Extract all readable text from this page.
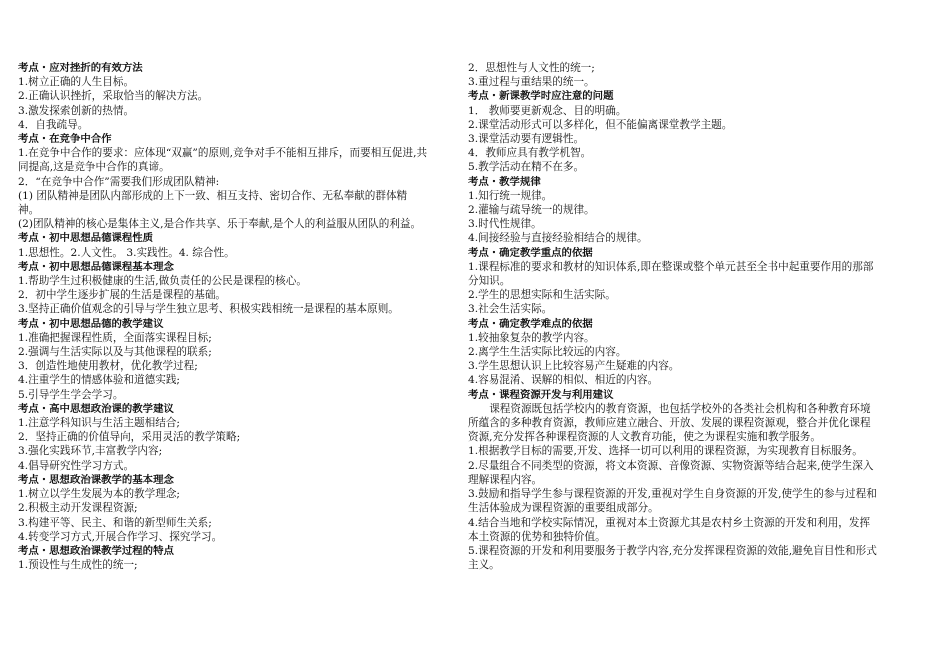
考点・应对挫折的有效方法

1.树立正确的人生目标。

2.正确认识挫折，采取恰当的解决方法。

3.激发探索创新的热情。

4．自我疏导。

考点・在竞争中合作

1.在竞争中合作的要求：应体现“双赢”的原则,竞争对手不能相互排斥，而要相互促进,共同提高,这是竞争中合作的真谛。

2．“在竞争中合作”需要我们形成团队精神:

(1) 团队精神是团队内部形成的上下一致、相互支持、密切合作、无私奉献的群体精神。

(2)团队精神的核心是集体主义,是合作共享、乐于奉献,是个人的利益服从团队的利益。

考点・初中思想品德课程性质

1.思想性。2.人文性。 3.实践性。4. 综合性。

考点・初中思想品德课程基本理念

1.帮助学生过积极健康的生活,做负责任的公民是课程的核心。

2．初中学生逐步扩展的生活是课程的基础。

3.坚持正确价值观念的引导与学生独立思考、积极实践相统一是课程的基本原则。

考点・初中思想品德的教学建议

1.准确把握课程性质，全面落实课程目标;

2.强调与生活实际以及与其他课程的联系;

3．创造性地使用教材，优化教学过程;

4.注重学生的情感体验和道德实践;

5.引导学生学会学习。

考点・高中思想政治课的教学建议

1.注意学科知识与生活主题相结合;

2．坚持正确的价值导向，采用灵活的教学策略;

3.强化实践环节,丰富教学内容;

4.倡导研究性学习方式。

考点・思想政治课教学的基本理念

1.树立以学生发展为本的教学理念;

2.积极主动开发课程资源;

3.构建平等、民主、和谐的新型师生关系;

4.转变学习方式,开展合作学习、探究学习。

考点・思想政治课教学过程的特点

1.预设性与生成性的统一;

2．思想性与人文性的统一;

3.重过程与重结果的统一。

考点・新课教学时应注意的问题

1． 教师要更新观念、目的明确。

2.课堂活动形式可以多样化，但不能偏离课堂教学主题。

3.课堂活动要有逻辑性。

4．教师应具有教学机智。

5.教学活动在精不在多。

考点・教学规律

1.知行统一规律。

2.灌输与疏导统一的规律。

3.时代性规律。

4.间接经验与直接经验相结合的规律。

考点・确定教学重点的依据

1.课程标准的要求和教材的知识体系,即在整课或整个单元甚至全书中起重要作用的那部分知识。

2.学生的思想实际和生活实际。

3.社会生活实际。

考点・确定教学难点的依据

1.较抽象复杂的教学内容。

2.离学生生活实际比较远的内容。

3.学生思想认识上比较容易产生疑难的内容。

4.容易混淆、误解的相似、相近的内容。

考点・课程资源开发与利用建议

课程资源既包括学校内的教育资源，也包括学校外的各类社会机构和各种教育环境所蕴含的多种教育资源，教师应建立融合、开放、发展的课程资源观，整合并优化课程资源,充分发挥各种课程资源的人文教育功能，使之为课程实施和教学服务。

1.根据教学目标的需要,开发、选择一切可以利用的课程资源，为实现教育目标服务。

2.尽量组合不同类型的资源，将文本资源、音像资源、实物资源等结合起来,使学生深入理解课程内容。

3.鼓励和指导学生参与课程资源的开发,重视对学生自身资源的开发,使学生的参与过程和生活体验成为课程资源的重要组成部分。

4.结合当地和学校实际情况，重视对本土资源尤其是农村乡土资源的开发和利用，发挥本土资源的优势和独特价值。

5.课程资源的开发和利用要服务于教学内容,充分发挥课程资源的效能,避免盲目性和形式主义。
